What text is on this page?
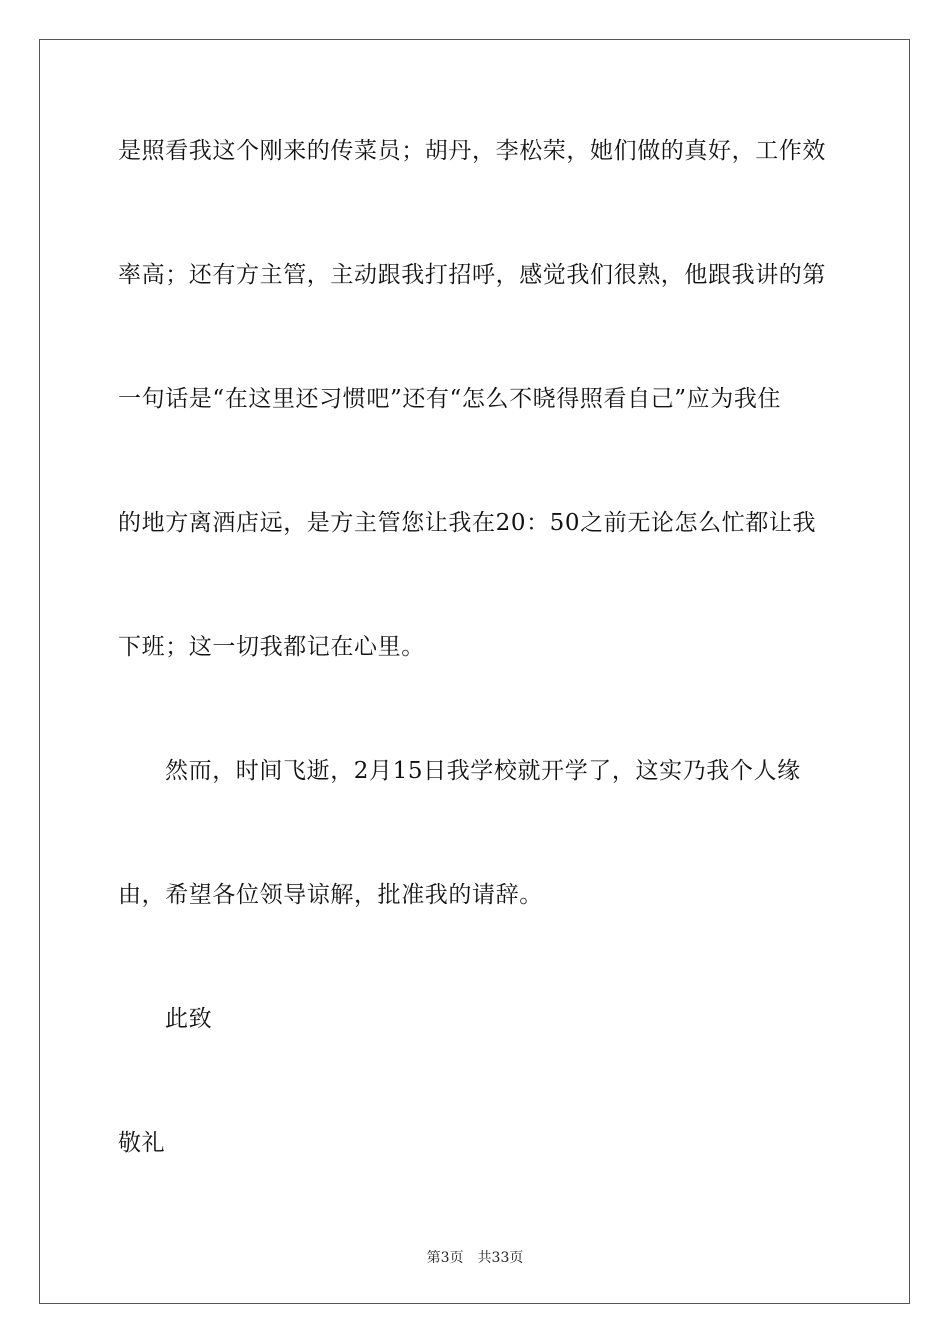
是照看我这个刚来的传菜员；胡丹，李松荣，她们做的真好，工作效
率高；还有方主管，主动跟我打招呼，感觉我们很熟，他跟我讲的第
一句话是“在这里还习惯吧”还有“怎么不晓得照看自己”应为我住
的地方离酒店远，是方主管您让我在20：50之前无论怎么忙都让我
下班；这一切我都记在心里。
然而，时间飞逝，2月15日我学校就开学了，这实乃我个人缘
由，希望各位领导谅解，批准我的请辞。
此致
敬礼
第3页 共33页
